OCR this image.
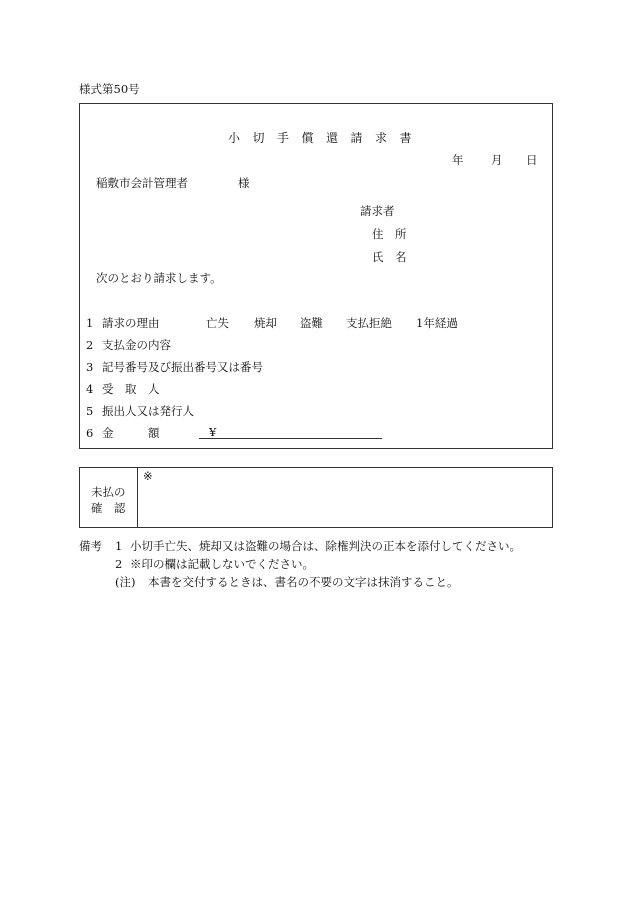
様式第50号
小切手償還請求書
年 月 日
稲敷市会計管理者	様
請求者
住　所
氏　名
次のとおり請求します。
1 請求の理由	亡失 焼却 盗難 支払拒絶 1年経過
2 支払金の内容
3 記号番号及び振出番号又は番号
4 受　取　人
5 振出人又は発行人
6 金　　　額	¥
未払の
確　認
※
備考 1 小切手亡失、焼却又は盗難の場合は、除権判決の正本を添付してください。
2 ※印の欄は記載しないでください。
(注) 本書を交付するときは、書名の不要の文字は抹消すること。
